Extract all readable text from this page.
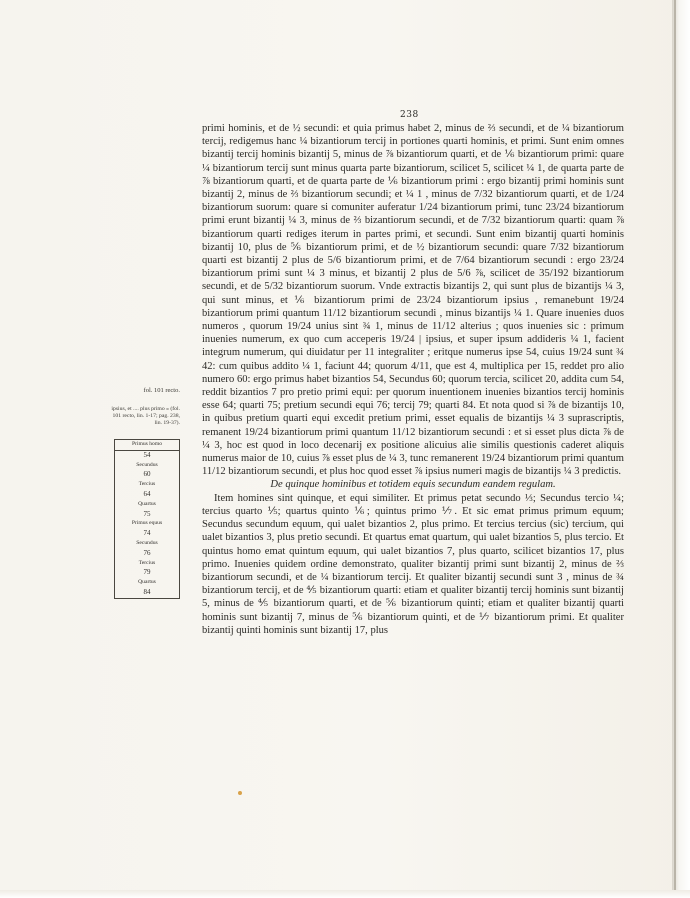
238
fol. 101 recto.
ipsius, et .... plus primo » (fol. 101 recto, lin. 1-17; pag. 238, lin. 19-37).
Primus homo
54
Secundus
60
Tercius
64
Quartus
75
Primus equus
74
Secundus
76
Tercius
79
Quartus
84

primi hominis, et de ½ secundi: et quia primus habet 2, minus de ⅔ secundi, et de ¼ bizantiorum tercij, redigemus hanc ¼ bizantiorum tercij in portiones quarti hominis, et primi. Sunt enim omnes bizantij tercij hominis bizantij 5, minus de ⅞ bizantiorum quarti, et de ⅙ bizantiorum primi: quare ¼ bizantiorum tercij sunt minus quarta parte bizantiorum, scilicet 5, scilicet ¼ 1, de quarta parte de ⅞ bizantiorum quarti, et de quarta parte de ⅙ bizantiorum primi : ergo bizantij primi hominis sunt bizantij 2, minus de ⅔ bizantiorum secundi; et ¼ 1 , minus de 7/32 bizantiorum quarti, et de 1/24 bizantiorum suorum: quare si comuniter auferatur 1/24 bizantiorum primi, tunc 23/24 bizantiorum primi erunt bizantij ¼ 3, minus de ⅔ bizantiorum secundi, et de 7/32 bizantiorum quarti: quam ⅞ bizantiorum quarti rediges iterum in partes primi, et secundi. Sunt enim bizantij quarti hominis bizantij 10, plus de ⅚ bizantiorum primi, et de ½ bizantiorum secundi: quare 7/32 bizantiorum quarti est bizantij 2 plus de 5/6 bizantiorum primi, et de 7/64 bizantiorum secundi : ergo 23/24 bizantiorum primi sunt ¼ 3 minus, et bizantij 2 plus de 5/6 ⅞, scilicet de 35/192 bizantiorum secundi, et de 5/32 bizantiorum suorum. Vnde extractis bizantijs 2, qui sunt plus de bizantijs ¼ 3, qui sunt minus, et ⅙ bizantiorum primi de 23/24 bizantiorum ipsius , remanebunt 19/24 bizantiorum primi quantum 11/12 bizantiorum secundi , minus bizantijs ¼ 1. Quare inuenies duos numeros , quorum 19/24 unius sint ¾ 1, minus de 11/12 alterius ; quos inuenies sic : primum inuenies numerum, ex quo cum acceperis 19/24 | ipsius, et super ipsum addideris ¼ 1, facient integrum numerum, qui diuidatur per 11 integraliter ; eritque numerus ipse 54, cuius 19/24 sunt ¾ 42: cum quibus addito ¼ 1, faciunt 44; quorum 4/11, que est 4, multiplica per 15, reddet pro alio numero 60: ergo primus habet bizantios 54, Secundus 60; quorum tercia, scilicet 20, addita cum 54, reddit bizantios 7 pro pretio primi equi: per quorum inuentionem inuenies bizantios tercij hominis esse 64; quarti 75; pretium secundi equi 76; tercij 79; quarti 84. Et nota quod si ⅞ de bizantijs 10, in quibus pretium quarti equi excedit pretium primi, esset equalis de bizantijs ¼ 3 suprascriptis, remanent 19/24 bizantiorum primi quantum 11/12 bizantiorum secundi : et si esset plus dicta ⅞ de ¼ 3, hoc est quod in loco decenarij ex positione alicuius alie similis questionis caderet aliquis numerus maior de 10, cuius ⅞ esset plus de ¼ 3, tunc remanerent 19/24 bizantiorum primi quantum 11/12 bizantiorum secundi, et plus hoc quod esset ⅞ ipsius numeri magis de bizantijs ¼ 3 predictis.

De quinque hominibus et totidem equis secundum eandem regulam.

Item homines sint quinque, et equi similiter. Et primus petat secundo ⅓; Secundus tercio ¼; tercius quarto ⅕; quartus quinto ⅙; quintus primo ⅐. Et sic emat primus primum equum; Secundus secundum equum, qui ualet bizantios 2, plus primo. Et tercius tercius (sic) tercium, qui ualet bizantios 3, plus pretio secundi. Et quartus emat quartum, qui ualet bizantios 5, plus tercio. Et quintus homo emat quintum equum, qui ualet bizantios 7, plus quarto, scilicet bizantios 17, plus primo. Inuenies quidem ordine demonstrato, qualiter bizantij primi sunt bizantij 2, minus de ⅔ bizantiorum secundi, et de ¼ bizantiorum tercij. Et qualiter bizantij secundi sunt 3 , minus de ¾ bizantiorum tercij, et de ⅘ bizantiorum quarti: etiam et qualiter bizantij tercij hominis sunt bizantij 5, minus de ⅘ bizantiorum quarti, et de ⅚ bizantiorum quinti; etiam et qualiter bizantij quarti hominis sunt bizantij 7, minus de ⅚ bizantiorum quinti, et de ⅐ bizantiorum primi. Et qualiter bizantij quinti hominis sunt bizantij 17, plus
